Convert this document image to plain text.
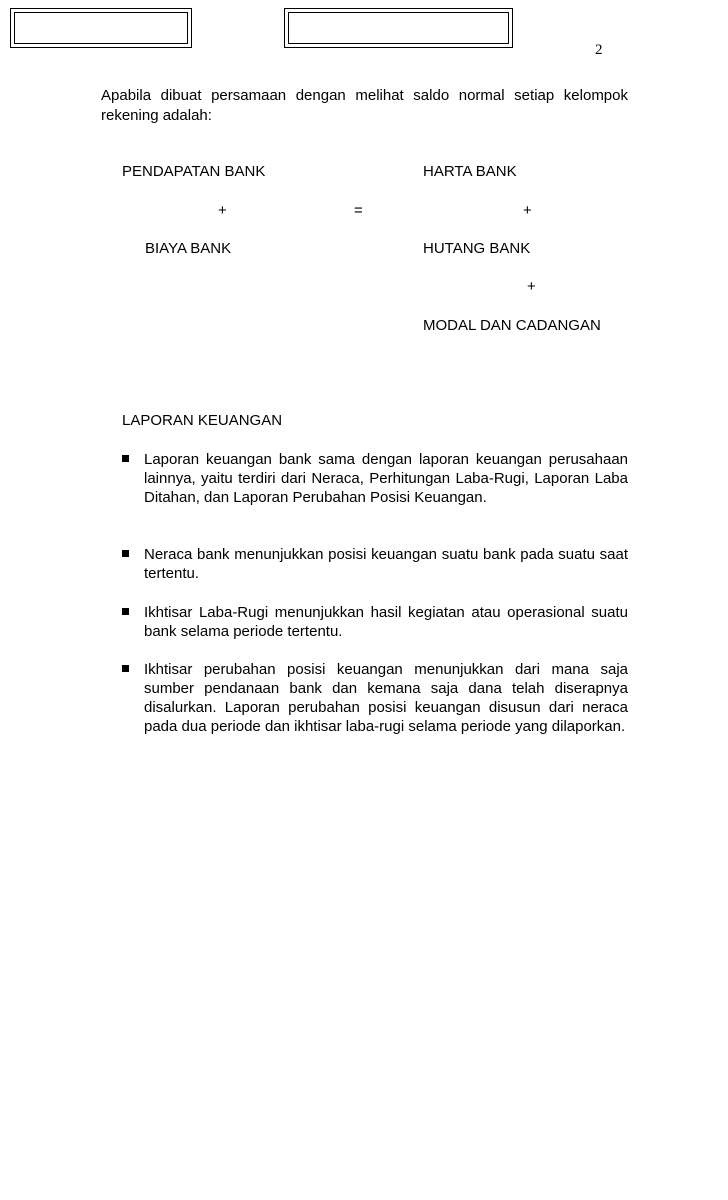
2
Apabila dibuat persamaan dengan melihat saldo normal setiap kelompok rekening adalah:
PENDAPATAN BANK
+	=
BIAYA BANK
HARTA BANK
+
HUTANG BANK
+
MODAL DAN CADANGAN
LAPORAN KEUANGAN
Laporan keuangan bank sama dengan laporan keuangan perusahaan lainnya, yaitu terdiri dari Neraca, Perhitungan Laba-Rugi, Laporan Laba Ditahan, dan Laporan Perubahan Posisi Keuangan.
Neraca bank menunjukkan posisi keuangan suatu bank pada suatu saat tertentu.
Ikhtisar Laba-Rugi menunjukkan hasil kegiatan atau operasional suatu bank selama periode tertentu.
Ikhtisar perubahan posisi keuangan menunjukkan dari mana saja sumber pendanaan bank dan kemana saja dana telah diserapnya disalurkan. Laporan perubahan posisi keuangan disusun dari neraca pada dua periode dan ikhtisar laba-rugi selama periode yang dilaporkan.
